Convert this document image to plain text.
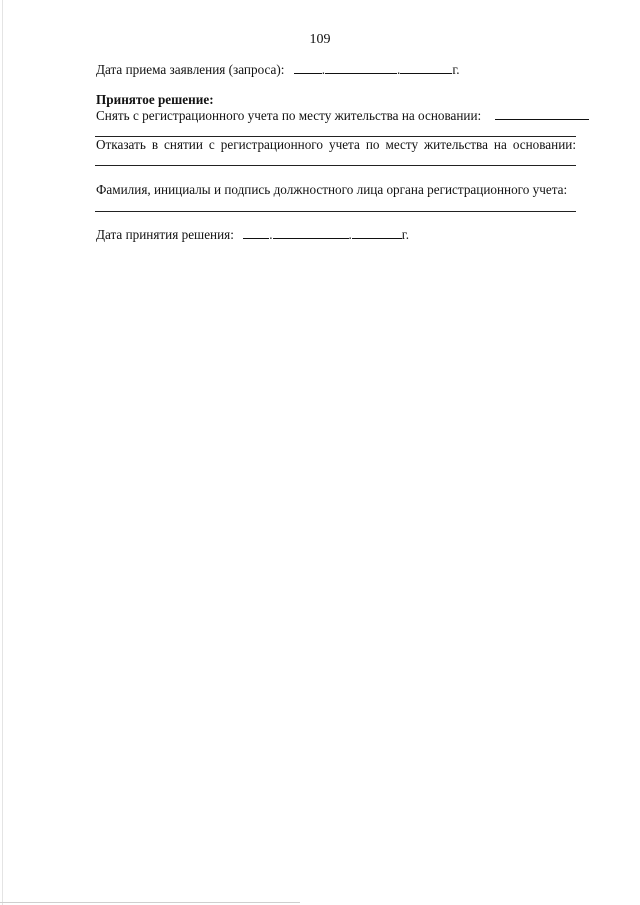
109
Дата приема заявления (запроса):	.	.	г.
Принятое решение:
Снять с регистрационного учета по месту жительства на основании:
Отказать в снятии с регистрационного учета по месту жительства на основании:
Фамилия, инициалы и подпись должностного лица органа регистрационного учета:
Дата принятия решения:	.	.	г.
